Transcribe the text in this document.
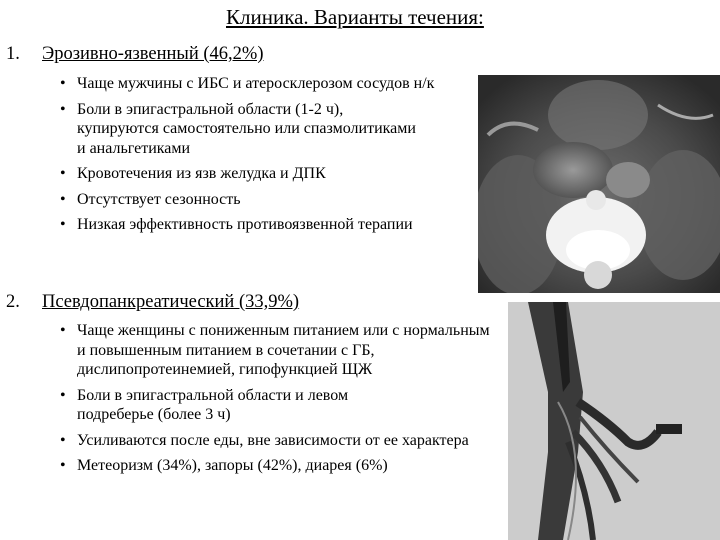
Клиника. Варианты течения:
1. Эрозивно-язвенный (46,2%)
• Чаще мужчины с ИБС и атеросклерозом сосудов н/к
• Боли в эпигастральной области (1-2 ч), купируются самостоятельно или спазмолитиками и анальгетиками
• Кровотечения из язв желудка и ДПК
• Отсутствует сезонность
• Низкая эффективность противоязвенной терапии
2. Псевдопанкреатический (33,9%)
• Чаще женщины с пониженным питанием или с нормальным и повышенным питанием в сочетании с ГБ, дислипопротеинемией, гипофункцией ЩЖ
• Боли в эпигастральной области и левом подреберье (более 3 ч)
• Усиливаются после еды, вне зависимости от ее характера
• Метеоризм (34%), запоры (42%), диарея (6%)
